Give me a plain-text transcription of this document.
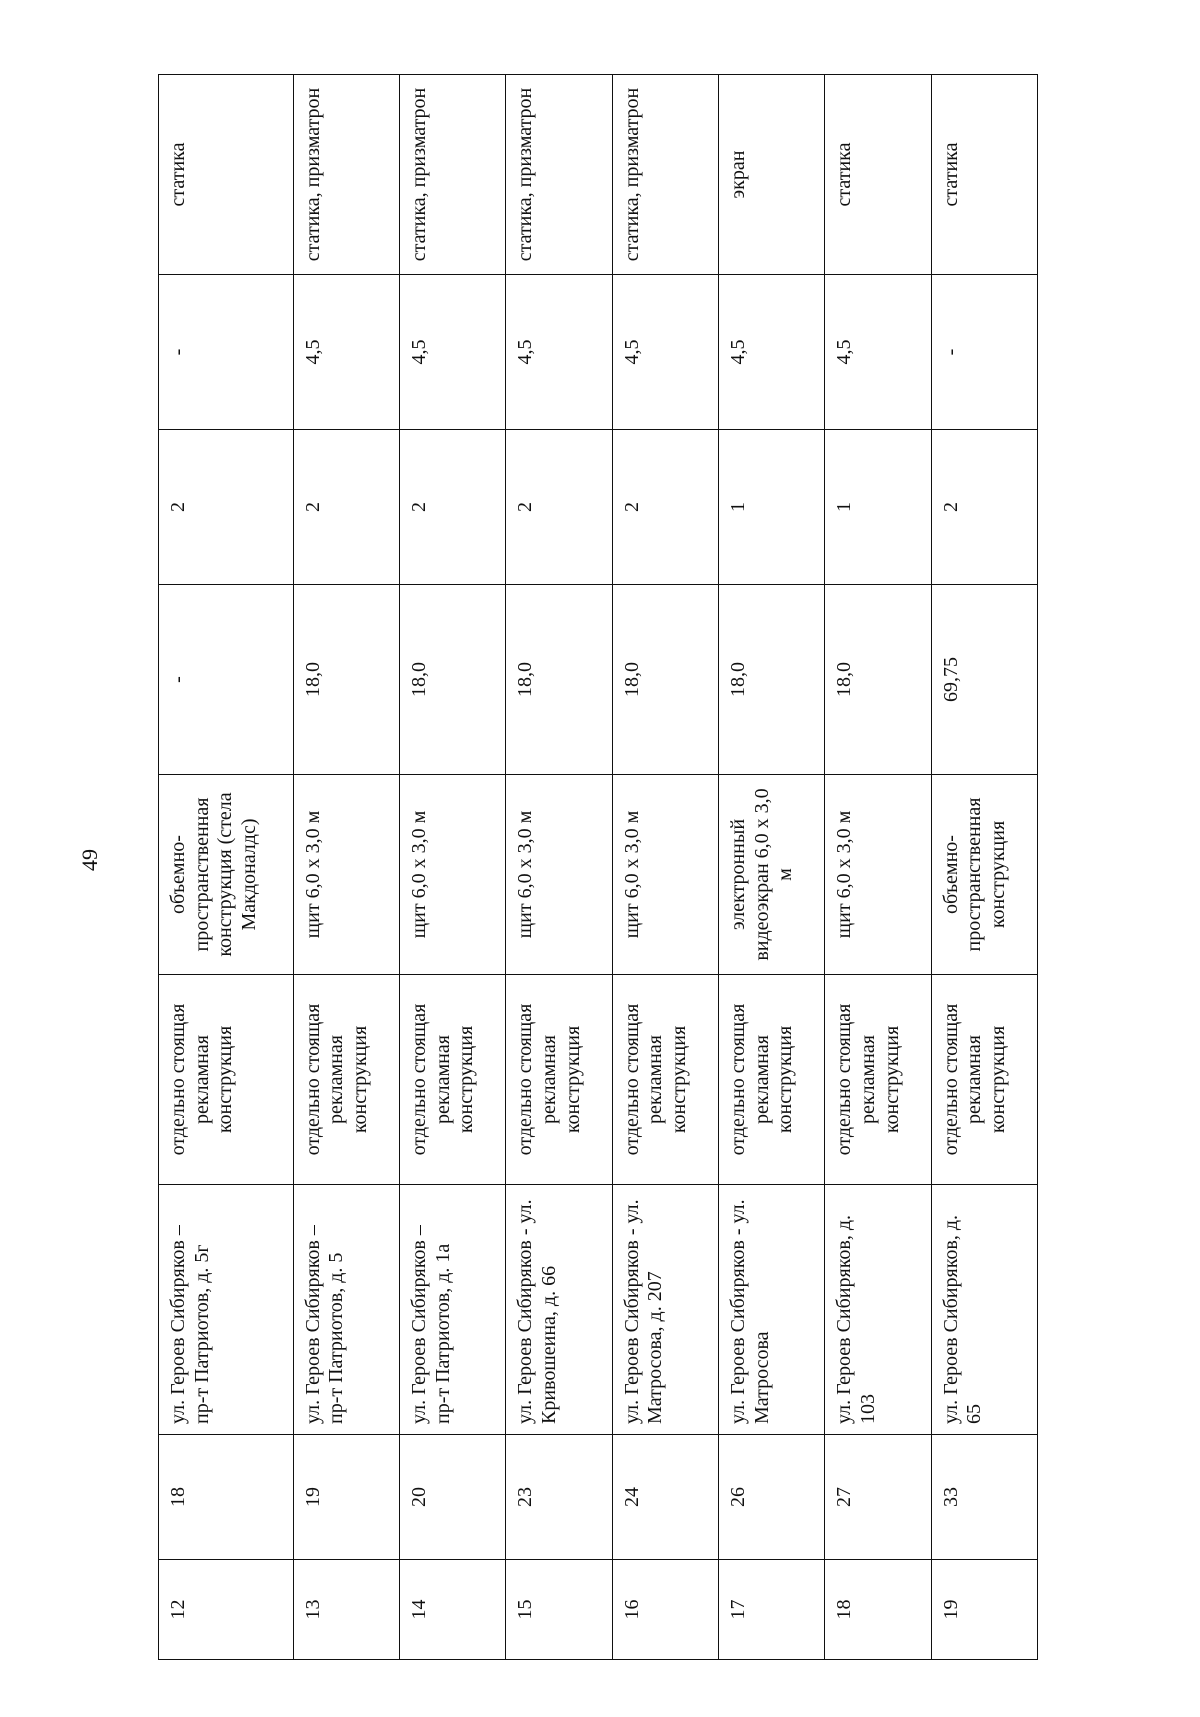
49
12	18	ул. Героев Сибиряков – пр-т Патриотов, д. 5г	отдельно стоящая рекламная конструкция	объемно-пространственная конструкция (стела Макдоналдс)	-	2	-	статика
13	19	ул. Героев Сибиряков – пр-т Патриотов, д. 5	отдельно стоящая рекламная конструкция	щит 6,0 х 3,0 м	18,0	2	4,5	статика, призматрон
14	20	ул. Героев Сибиряков – пр-т Патриотов, д. 1а	отдельно стоящая рекламная конструкция	щит 6,0 х 3,0 м	18,0	2	4,5	статика, призматрон
15	23	ул. Героев Сибиряков - ул. Кривошеина, д. 66	отдельно стоящая рекламная конструкция	щит 6,0 х 3,0 м	18,0	2	4,5	статика, призматрон
16	24	ул. Героев Сибиряков - ул. Матросова, д. 207	отдельно стоящая рекламная конструкция	щит 6,0 х 3,0 м	18,0	2	4,5	статика, призматрон
17	26	ул. Героев Сибиряков - ул. Матросова	отдельно стоящая рекламная конструкция	электронный видеоэкран 6,0 х 3,0 м	18,0	1	4,5	экран
18	27	ул. Героев Сибиряков, д. 103	отдельно стоящая рекламная конструкция	щит 6,0 х 3,0 м	18,0	1	4,5	статика
19	33	ул. Героев Сибиряков, д. 65	отдельно стоящая рекламная конструкция	объемно-пространственная конструкция	69,75	2	-	статика
